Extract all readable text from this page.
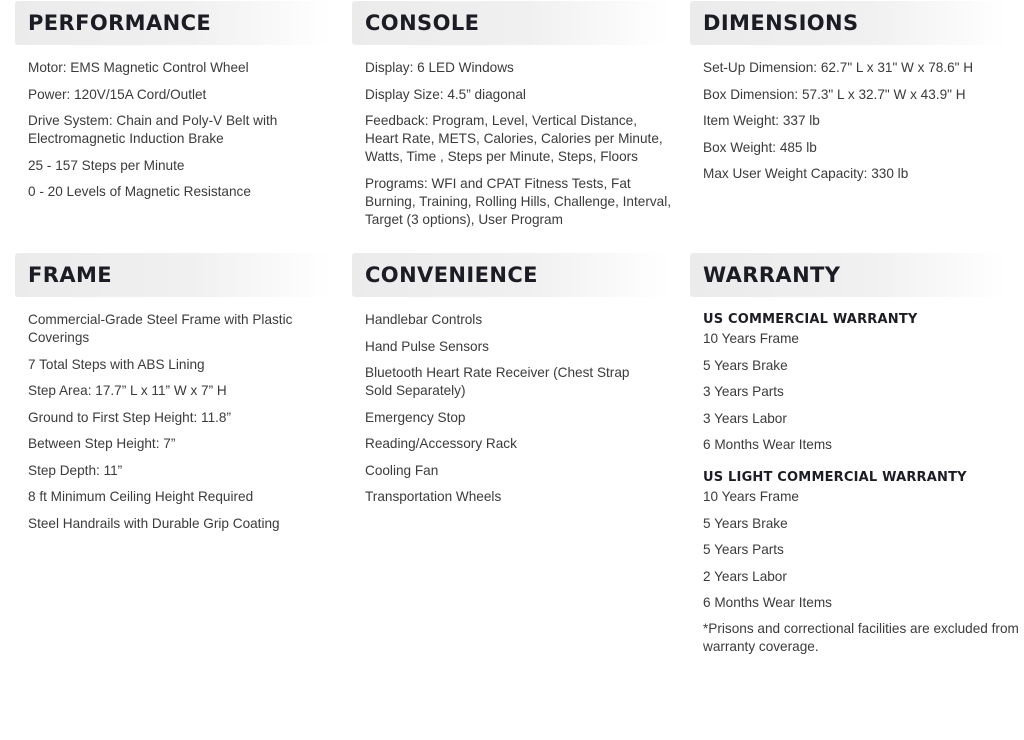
PERFORMANCE
Motor: EMS Magnetic Control Wheel
Power: 120V/15A Cord/Outlet
Drive System: Chain and Poly-V Belt with Electromagnetic Induction Brake
25 - 157 Steps per Minute
0 - 20 Levels of Magnetic Resistance
CONSOLE
Display: 6 LED Windows
Display Size: 4.5” diagonal
Feedback: Program, Level, Vertical Distance, Heart Rate, METS, Calories, Calories per Minute, Watts, Time , Steps per Minute, Steps, Floors
Programs: WFI and CPAT Fitness Tests, Fat Burning, Training, Rolling Hills, Challenge, Interval, Target (3 options), User Program
DIMENSIONS
Set-Up Dimension: 62.7" L x 31" W x 78.6" H
Box Dimension: 57.3" L x 32.7" W x 43.9" H
Item Weight: 337 lb
Box Weight: 485 lb
Max User Weight Capacity: 330 lb
FRAME
Commercial-Grade Steel Frame with Plastic Coverings
7 Total Steps with ABS Lining
Step Area: 17.7” L x 11” W x 7” H
Ground to First Step Height: 11.8”
Between Step Height: 7”
Step Depth: 11”
8 ft Minimum Ceiling Height Required
Steel Handrails with Durable Grip Coating
CONVENIENCE
Handlebar Controls
Hand Pulse Sensors
Bluetooth Heart Rate Receiver (Chest Strap Sold Separately)
Emergency Stop
Reading/Accessory Rack
Cooling Fan
Transportation Wheels
WARRANTY
US COMMERCIAL WARRANTY
10 Years Frame
5 Years Brake
3 Years Parts
3 Years Labor
6 Months Wear Items
US LIGHT COMMERCIAL WARRANTY
10 Years Frame
5 Years Brake
5 Years Parts
2 Years Labor
6 Months Wear Items

*Prisons and correctional facilities are excluded from warranty coverage.
